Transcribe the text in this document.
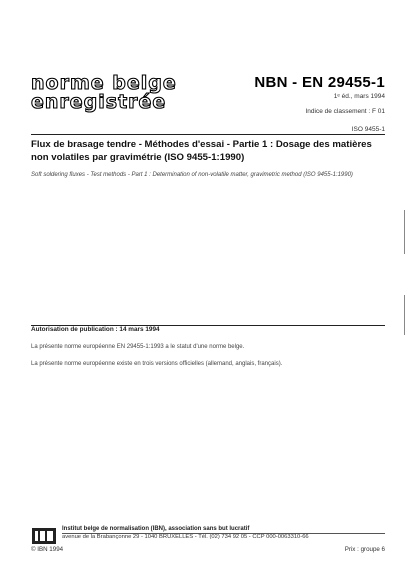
norme belge
enregistrée
NBN - EN 29455-1
1ᵉ éd., mars 1994
Indice de classement : F 01
ISO 9455-1
Flux de brasage tendre - Méthodes d'essai - Partie 1 : Dosage des matières non volatiles par gravimétrie (ISO 9455-1:1990)
Soft soldering fluxes - Test methods - Part 1 : Determination of non-volatile matter, gravimetric method (ISO 9455-1:1990)
Autorisation de publication : 14 mars 1994
La présente norme européenne EN 29455-1:1993 a le statut d'une norme belge.
La présente norme européenne existe en trois versions officielles (allemand, anglais, français).
Institut belge de normalisation (IBN), association sans but lucratif
avenue de la Brabançonne 29 - 1040 BRUXELLES - Tél. (02) 734 92 05 - CCP 000-0063310-66
© IBN 1994	Prix : groupe 6
